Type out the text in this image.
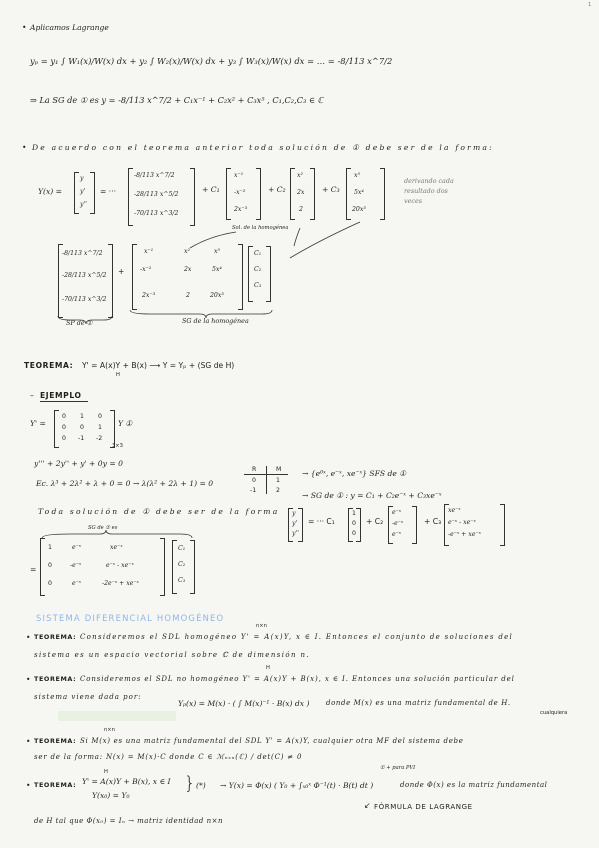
1
• Aplicamos Lagrange
yₚ = y₁ ∫ W₁(x)/W(x) dx + y₂ ∫ W₂(x)/W(x) dx + y₃ ∫ W₃(x)/W(x) dx = … = -8/113 x^7/2
⇒ La SG de ① es y = -8/113 x^7/2 + C₁x⁻¹ + C₂x² + C₃x⁵ , C₁,C₂,C₃ ∈ ℂ
• De acuerdo con el teorema anterior toda solución de ① debe ser de la forma:
Y(x) =
y
y'
y''
= ···
-8/113 x^7/2
-28/113 x^5/2
-70/113 x^3/2
+ C₁
x⁻¹
-x⁻²
2x⁻³
+ C₂
x²
2x
2
+ C₃
x⁵
5x⁴
20x³
derivando cada
resultado dos
veces
Sol. de la homogénea
-8/113 x^7/2
-28/113 x^5/2
-70/113 x^3/2
+
x⁻¹	x²	x⁵
-x⁻²	2x	5x⁴
2x⁻³	2	20x³
C₁
C₂
C₃
SP de ①	SG de la homogénea
TEOREMA: Y' = A(x)Y + B(x) ⟶ Y = Yₚ + (SG de H)
H
– EJEMPLO
Y' =
0 1 0
0 0 1
0 -1 -2
Y ①
3×3
y''' + 2y'' + y' + 0y = 0
Ec. λ³ + 2λ² + λ + 0 = 0 → λ(λ² + 2λ + 1) = 0
R	M
0	1
-1	2
→ {e⁰ˣ, e⁻ˣ, xe⁻ˣ} SFS de ①
→ SG de ① : y = C₁ + C₂e⁻ˣ + C₃xe⁻ˣ
Toda solución de ① debe ser de la forma y
y'
y''
= ··· C₁
1
0
0
+ C₂
e⁻ˣ
-e⁻ˣ
e⁻ˣ
+ C₃
xe⁻ˣ
e⁻ˣ - xe⁻ˣ
-e⁻ˣ + xe⁻ˣ
SG de ① es
=
1	e⁻ˣ	xe⁻ˣ
0	-e⁻ˣ	e⁻ˣ - xe⁻ˣ
0	e⁻ˣ	-2e⁻ˣ + xe⁻ˣ
C₁
C₂
C₃
SISTEMA DIFERENCIAL HOMOGÉNEO
• TEOREMA: Consideremos el SDL homogéneo Y' = A(x)Y, x ∈ I. Entonces el conjunto de soluciones del
n×n
sistema es un espacio vectorial sobre ℂ de dimensión n.
• TEOREMA: Consideremos el SDL no homogéneo Y' = A(x)Y + B(x), x ∈ I. Entonces una solución particular del
H
sistema viene dada por:
Yₚ(x) = M(x) · ( ∫ M(x)⁻¹ · B(x) dx ) donde M(x) es una matriz fundamental de H.
cualquiera
• TEOREMA: Si M(x) es una matriz fundamental del SDL Y' = A(x)Y, cualquier otra MF del sistema debe
n×n
ser de la forma: N(x) = M(x)·C donde C ∈ ℳₙₓₙ(ℂ) / det(C) ≠ 0
• TEOREMA:
H
Y' = A(x)Y + B(x), x ∈ I
Y(x₀) = Y₀
} (*) → Y(x) = Φ(x) ( Y₀ + ∫ₓ₀ˣ Φ⁻¹(t) · B(t) dt )	donde Φ(x) es la matriz fundamental
① + para PVI
↙ FÓRMULA DE LAGRANGE
de H tal que Φ(x₀) = Iₙ → matriz identidad n×n
